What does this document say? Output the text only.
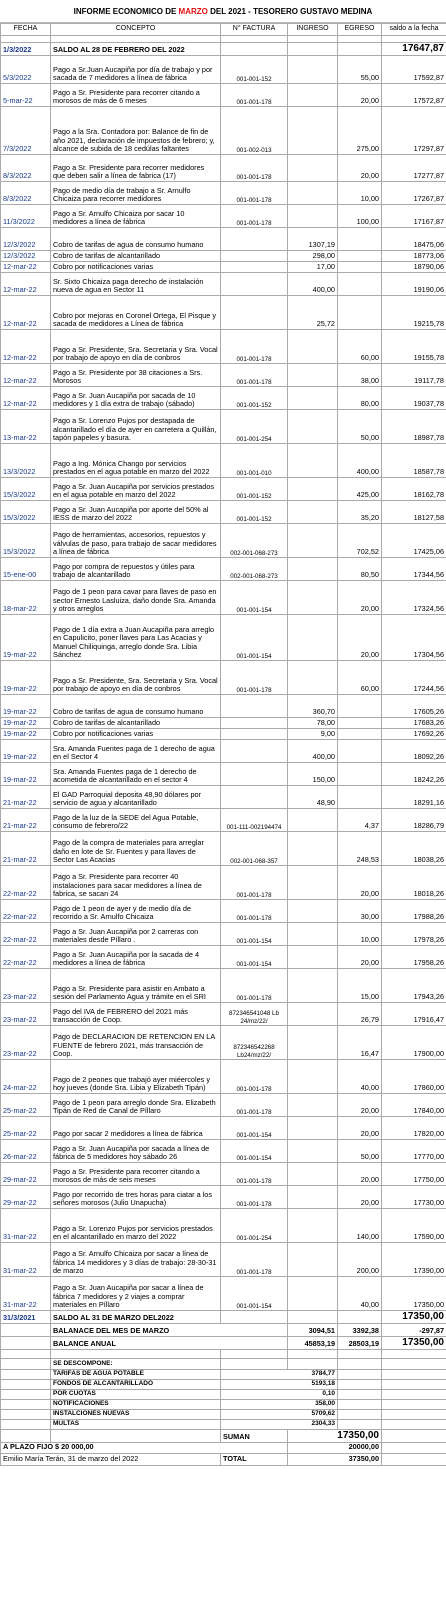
INFORME ECONOMICO DE MARZO DEL 2021 - TESORERO GUSTAVO MEDINA
FECHA	CONCEPTO	N° FACTURA	INGRESO	EGRESO	saldo a la fecha

1/3/2022	SALDO AL 28 DE FEBRERO DEL 2022				17647,87
5/3/2022	Pago a Sr.Juan Aucapiña por día de trabajo y por sacada de 7 medidores a línea de fábrica	001-001-152		55,00	17592,87
5-mar-22	Pago a Sr. Presidente para recorrer citando a morosos de más de 6 meses	001-001-178		20,00	17572,87
7/3/2022	Pago a la Sra. Contadora por: Balance de fin de año 2021, declaración de impuestos de febrero; y, alcance de subida de 18 cedúlas faltantes	001-002-013		275,00	17297,87
8/3/2022	Pago a Sr. Presidente para recorrer medidores que deben salir a línea de fabrica (17)	001-001-178		20,00	17277,87
8/3/2022	Pago de medio día de trabajo a Sr. Arnulfo Chicaiza para recorrer medidores	001-001-178		10,00	17267,87
11/3/2022	Pago a Sr. Arnulfo Chicaiza por sacar 10 medidores a línea de fábrica	001-001-178		100,00	17167,87
12/3/2022	Cobro de tarifas de agua de consumo humano		1307,19		18475,06
12/3/2022	Cobro de tarifas de alcantarillado		298,00		18773,06
12-mar-22	Cobro por notificaciones varias		17,00		18790,06
12-mar-22	Sr. Sixto Chicaiza paga derecho de instalación nueva de agua en Sector 11		400,00		19190,06
12-mar-22	Cobro por mejoras en Coronel Ortega, El Pisque y sacada de medidores a Línea de fábrica		25,72		19215,78
12-mar-22	Pago a Sr. Presidente, Sra. Secretaria y Sra. Vocal por trabajo de apoyo en día de conbros	001-001-178		60,00	19155,78
12-mar-22	Pago a Sr. Presidente por 38 citaciones a Srs. Morosos	001-001-178		38,00	19117,78
12-mar-22	Pago a Sr. Juan Aucapiña por sacada de 10 medidores y 1 día extra de trabajo (sábado)	001-001-152		80,00	19037,78
13-mar-22	Pago a Sr. Lorenzo Pujos por destapada de alcantarillado el día de ayer en carretera a Quillán, tapón papeles y basura.	001-001-254		50,00	18987,78
13/3/2022	Pago a Ing. Mónica Chango por servicios prestados en el agua potable en marzo del 2022	001-001-010		400,00	18587,78
15/3/2022	Pago a Sr. Juan Aucapiña por servicios prestados en el agua potable en marzo del 2022	001-001-152		425,00	18162,78
15/3/2022	Pago a Sr. Juan Aucapiña por aporte del 50% al IESS de marzo del 2022	001-001-152		35,20	18127,58
15/3/2022	Pago de herramientas, accesorios, repuestos y válvulas de paso, para trabajo de sacar medidores a línea de fábrica	002-001-068-273		702,52	17425,06
15-ene-00	Pago por compra de repuestos y útiles para trabajo de alcantarillado	002-001-068-273		80,50	17344,56
18-mar-22	Pago de 1 peon para cavar para llaves de paso en sector Ernesto Lasluiza, daño donde Sra. Amanda y otros arreglos	001-001-154		20,00	17324,56
19-mar-22	Pago de 1 día extra a Juan Aucapiña para arreglo en Capulicito, poner llaves para Las Acacias y Manuel Chiliquinga, arreglo donde Sra. Libia Sánchez	001-001-154		20,00	17304,56
19-mar-22	Pago a Sr. Presidente, Sra. Secretaria y Sra. Vocal por trabajo de apoyo en día de conbros	001-001-178		60,00	17244,56
19-mar-22	Cobro de tarifas de agua de consumo humano		360,70		17605,26
19-mar-22	Cobro de tarifas de alcantarillado		78,00		17683,26
19-mar-22	Cobro por notificaciones varias		9,00		17692,26
19-mar-22	Sra. Amanda Fuentes paga de 1 derecho de agua en el Sector 4		400,00		18092,26
19-mar-22	Sra. Amanda Fuentes paga de 1 derecho de acometida de alcantarillado en el sector 4		150,00		18242,26
21-mar-22	El GAD Parroquial deposita 48,90 dólares por servicio de agua y alcantarillado		48,90		18291,16
21-mar-22	Pago de la luz de la SEDE del Agua Potable, consumo de febrero/22	001-111-002194474		4,37	18286,79
21-mar-22	Pago de la compra de materiales para arreglar daño en lote de Sr. Fuentes y para llaves de Sector Las Acacias	002-001-068-357		248,53	18038,26
22-mar-22	Pago a Sr. Presidente para recorrer 40 instalaciones para sacar medidores a línea de fabrica, se sacan 24	001-001-178		20,00	18018,26
22-mar-22	Pago de 1 peon de ayer y de medio día de recorrido a Sr. Arnulfo Chicaiza	001-001-178		30,00	17988,26
22-mar-22	Pago a Sr. Juan Aucapiña por 2 carreras con materiales desde Píllaro .	001-001-154		10,00	17978,26
22-mar-22	Pago a Sr. Juan Aucapiña por la sacada de 4 medidores a línea de fábrica	001-001-154		20,00	17958,26
23-mar-22	Pago a Sr. Presidente para asistir en Ambato a sesión del Parlamento Agua y trámite en el SRI	001-001-178		15,00	17943,26
23-mar-22	Pago del IVA de FEBRERO del 2021 más transacción de Coop.	872346541048 Lb 24/mz/22/		26,79	17916,47
23-mar-22	Pago de DECLARACION DE RETENCION EN LA FUENTE de febrero 2021, más transacción de Coop.	872346542268 Lb24/mz/22/		16,47	17900,00
24-mar-22	Pago de 2 peones que trabajó ayer miéercoles y hoy jueves (donde Sra. Libia y Elizabeth Tipán)	001-001-178		40,00	17860,00
25-mar-22	Pago de 1 peon para arreglo donde Sra. Elizabeth Tipán de Red de Canal de Píllaro	001-001-178		20,00	17840,00
25-mar-22	Pago por sacar 2 medidores a línea de fábrica	001-001-154		20,00	17820,00
26-mar-22	Pago a Sr. Juan Aucapiña por sacada a línea de fábrica de 5 medidores hoy sábado 26	001-001-154		50,00	17770,00
29-mar-22	Pago a Sr. Presidente para recorrer citando a morosos de más de seis meses	001-001-178		20,00	17750,00
29-mar-22	Pago por recorrido de tres horas para ciatar a los señores morosos (Julio Unapucha)	001-001-178		20,00	17730,00
31-mar-22	Pago a Sr. Lorenzo Pujos por servicios prestados en el alcantarillado en marzo del 2022	001-001-254		140,00	17590,00
31-mar-22	Pago a Sr. Arnulfo Chicaiza por sacar a línea de fábrica 14 medidores y 3 días de trabajo: 28-30-31 de marzo	001-001-178		200,00	17390,00
31-mar-22	Pago a Sr. Juan Aucapiña por sacar a línea de fábrica 7 medidores y 2 viajes a comprar materiales en Píllaro	001-001-154		40,00	17350,00
31/3/2021	SALDO AL 31 DE MARZO DEL2022				17350,00
	BALANACE DEL MES DE MARZO		3094,51	3392,38	-297,87
	BALANCE ANUAL		45853,19	28503,19	17350,00

	SE DESCOMPONE:				
	TARIFAS DE AGUA POTABLE	3784,77			
	FONDOS DE ALCANTARILLADO	5193,18			
	POR CUOTAS	0,10			
	NOTIFICACIONES	358,00			
	INSTALCIONES NUEVAS	5709,62			
	MULTAS	2304,33			
		SUMAN	17350,00		
A PLAZO FIJO $ 20 000,00			20000,00		
Emilio María Terán, 31 de marzo del 2022		TOTAL	37350,00		
